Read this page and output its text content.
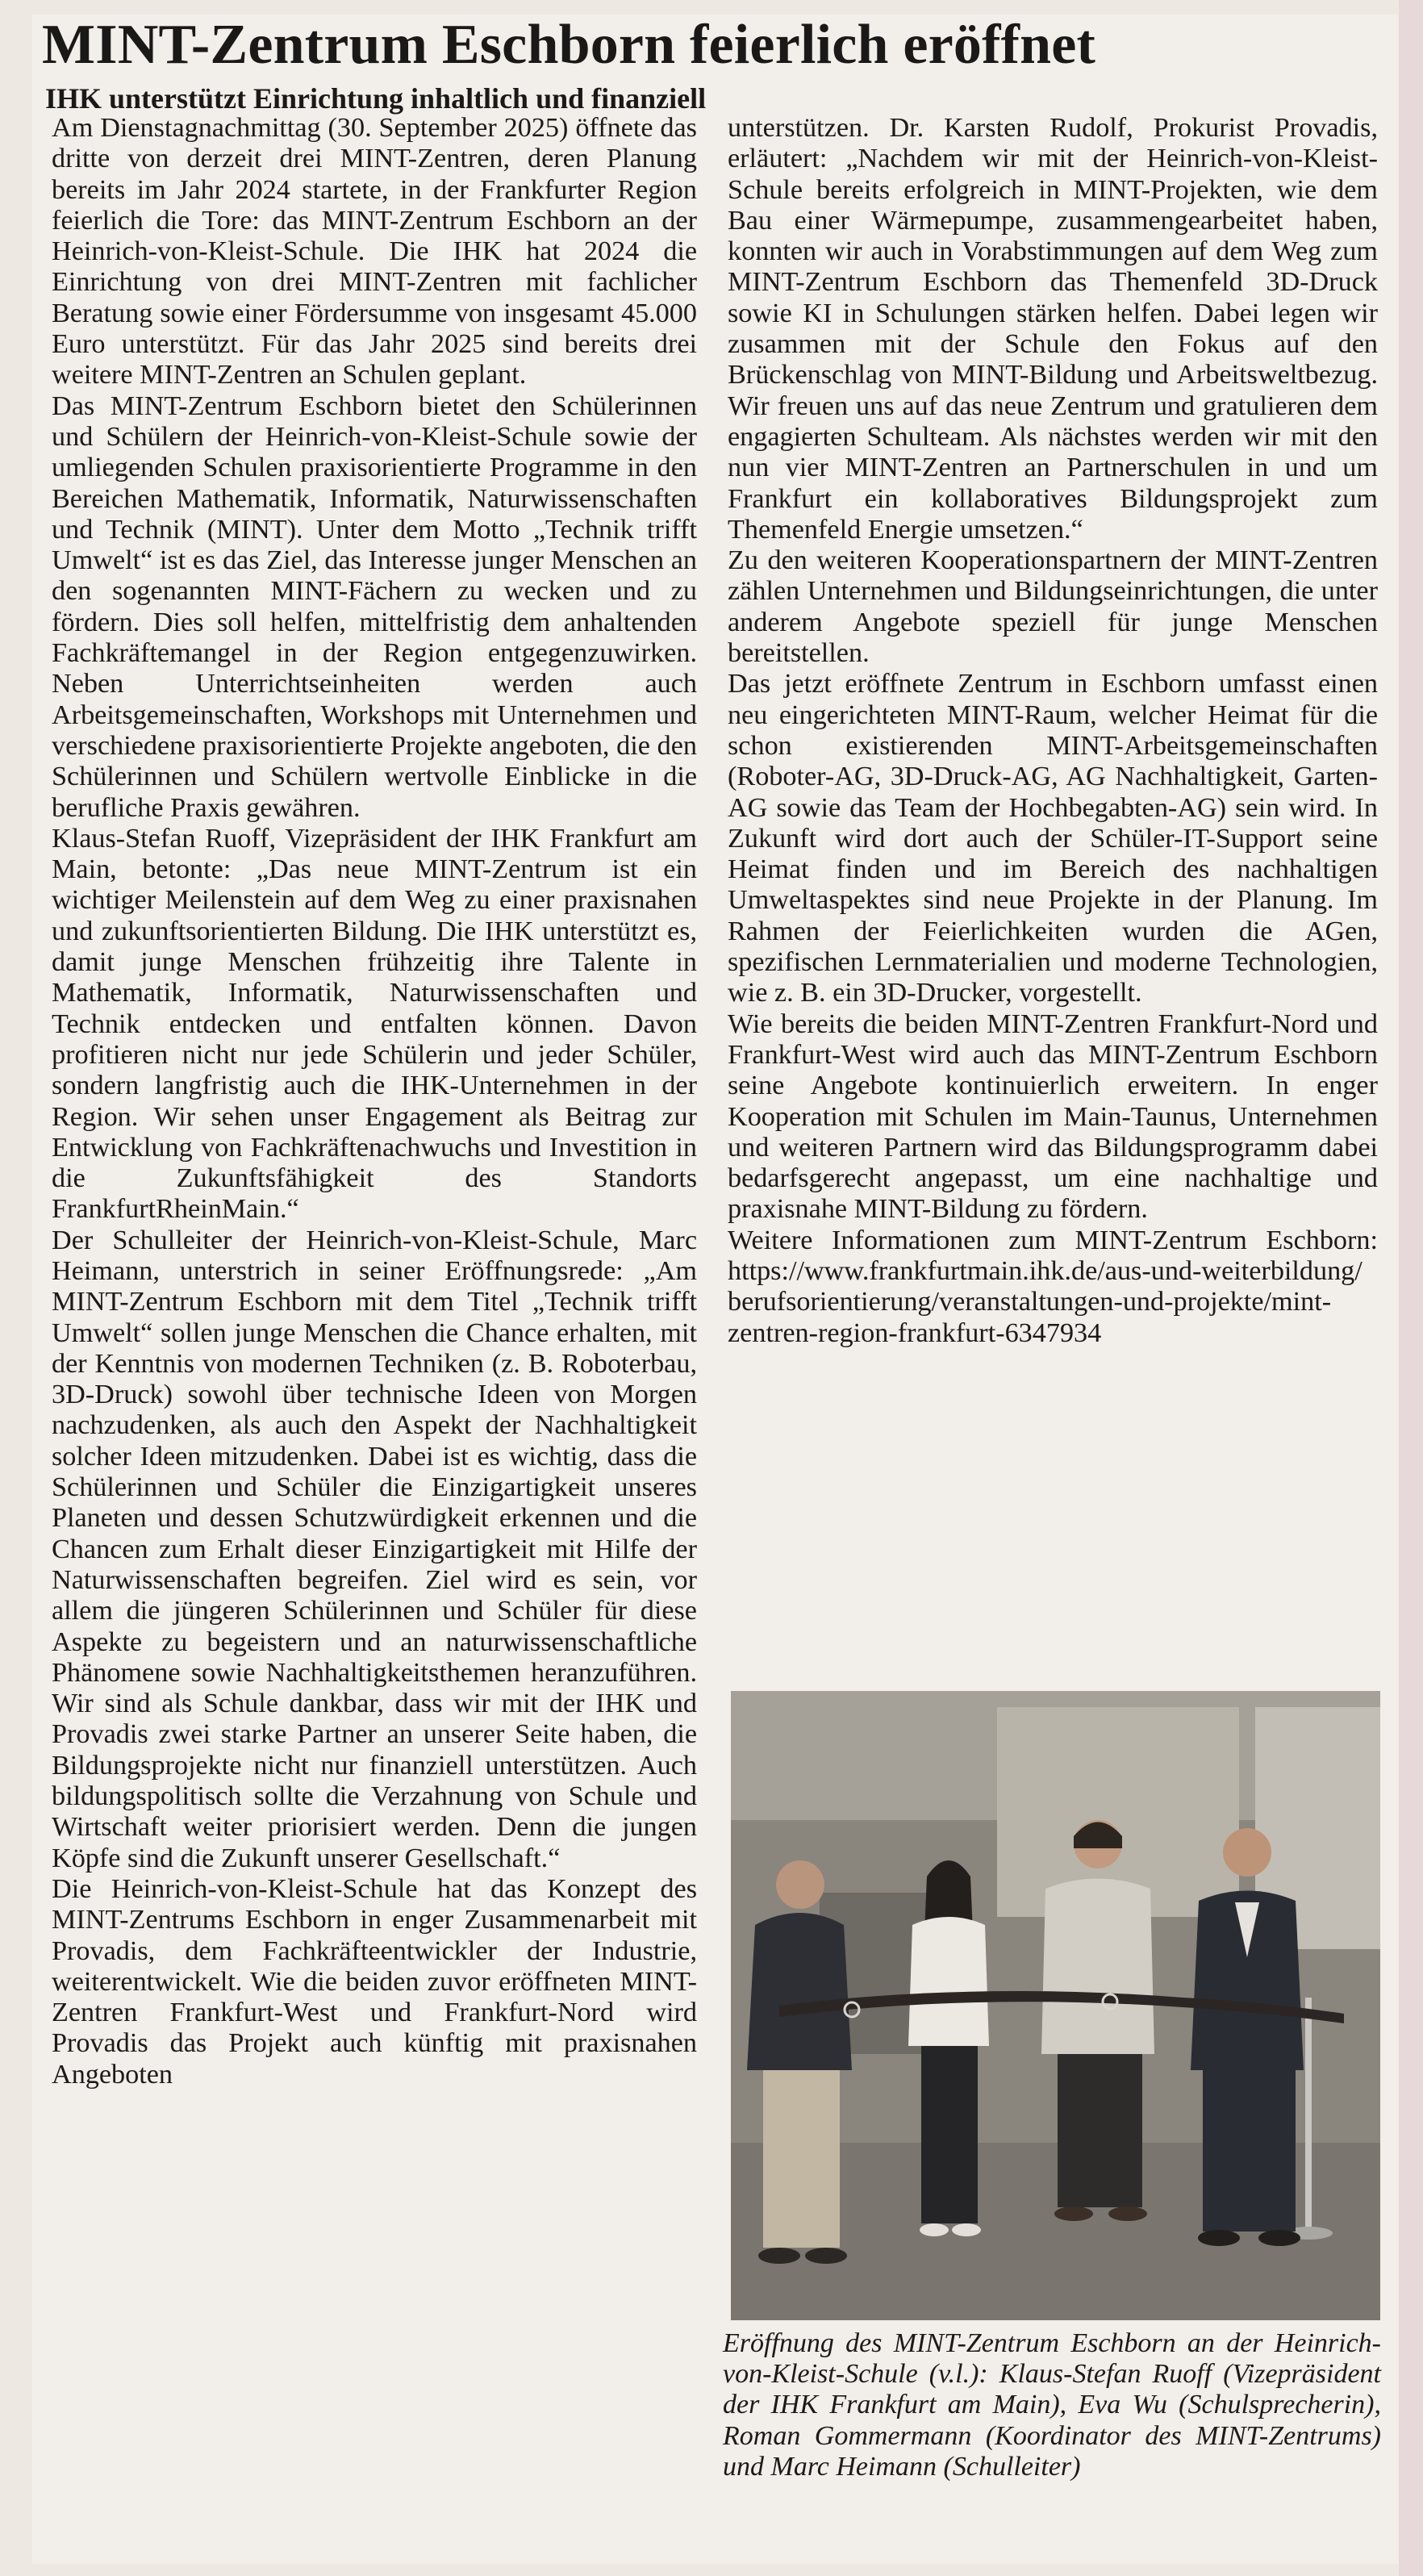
MINT-Zentrum Eschborn feierlich eröffnet
IHK unterstützt Einrichtung inhaltlich und finanziell

Am Dienstagnachmittag (30. September 2025) öffnete das dritte von derzeit drei MINT-Zentren, deren Planung bereits im Jahr 2024 startete, in der Frankfurter Region feierlich die Tore: das MINT-Zentrum Eschborn an der Heinrich-von-Kleist-Schule. Die IHK hat 2024 die Einrichtung von drei MINT-Zentren mit fachlicher Beratung sowie einer Fördersumme von insgesamt 45.000 Euro unterstützt. Für das Jahr 2025 sind bereits drei weitere MINT-Zentren an Schulen geplant.

Das MINT-Zentrum Eschborn bietet den Schülerinnen und Schülern der Heinrich-von-Kleist-Schule sowie der umliegenden Schulen praxisorientierte Programme in den Bereichen Mathematik, Informatik, Naturwissenschaften und Technik (MINT). Unter dem Motto „Technik trifft Umwelt“ ist es das Ziel, das Interesse junger Menschen an den sogenannten MINT-Fächern zu wecken und zu fördern. Dies soll helfen, mittelfristig dem anhaltenden Fachkräftemangel in der Region entgegenzuwirken. Neben Unterrichtseinheiten werden auch Arbeitsgemeinschaften, Workshops mit Unternehmen und verschiedene praxisorientierte Projekte angeboten, die den Schülerinnen und Schülern wertvolle Einblicke in die berufliche Praxis gewähren.

Klaus-Stefan Ruoff, Vizepräsident der IHK Frankfurt am Main, betonte: „Das neue MINT-Zentrum ist ein wichtiger Meilenstein auf dem Weg zu einer praxisnahen und zukunftsorientierten Bildung. Die IHK unterstützt es, damit junge Menschen frühzeitig ihre Talente in Mathematik, Informatik, Naturwissenschaften und Technik entdecken und entfalten können. Davon profitieren nicht nur jede Schülerin und jeder Schüler, sondern langfristig auch die IHK-Unternehmen in der Region. Wir sehen unser Engagement als Beitrag zur Entwicklung von Fachkräftenachwuchs und Investition in die Zukunftsfähigkeit des Standorts FrankfurtRheinMain.“

Der Schulleiter der Heinrich-von-Kleist-Schule, Marc Heimann, unterstrich in seiner Eröffnungsrede: „Am MINT-Zentrum Eschborn mit dem Titel „Technik trifft Umwelt“ sollen junge Menschen die Chance erhalten, mit der Kenntnis von modernen Techniken (z. B. Roboterbau, 3D-Druck) sowohl über technische Ideen von Morgen nachzudenken, als auch den Aspekt der Nachhaltigkeit solcher Ideen mitzudenken. Dabei ist es wichtig, dass die Schülerinnen und Schüler die Einzigartigkeit unseres Planeten und dessen Schutzwürdigkeit erkennen und die Chancen zum Erhalt dieser Einzigartigkeit mit Hilfe der Naturwissenschaften begreifen. Ziel wird es sein, vor allem die jüngeren Schülerinnen und Schüler für diese Aspekte zu begeistern und an naturwissenschaftliche Phänomene sowie Nachhaltigkeitsthemen heranzuführen. Wir sind als Schule dankbar, dass wir mit der IHK und Provadis zwei starke Partner an unserer Seite haben, die Bildungsprojekte nicht nur finanziell unterstützen. Auch bildungspolitisch sollte die Verzahnung von Schule und Wirtschaft weiter priorisiert werden. Denn die jungen Köpfe sind die Zukunft unserer Gesellschaft.“

Die Heinrich-von-Kleist-Schule hat das Konzept des MINT-Zentrums Eschborn in enger Zusammenarbeit mit Provadis, dem Fachkräfteentwickler der Industrie, weiterentwickelt. Wie die beiden zuvor eröffneten MINT-Zentren Frankfurt-West und Frankfurt-Nord wird Provadis das Projekt auch künftig mit praxisnahen Angeboten

unterstützen. Dr. Karsten Rudolf, Prokurist Provadis, erläutert: „Nachdem wir mit der Heinrich-von-Kleist-Schule bereits erfolgreich in MINT-Projekten, wie dem Bau einer Wärmepumpe, zusammengearbeitet haben, konnten wir auch in Vorabstimmungen auf dem Weg zum MINT-Zentrum Eschborn das Themenfeld 3D-Druck sowie KI in Schulungen stärken helfen. Dabei legen wir zusammen mit der Schule den Fokus auf den Brückenschlag von MINT-Bildung und Arbeitsweltbezug. Wir freuen uns auf das neue Zentrum und gratulieren dem engagierten Schulteam. Als nächstes werden wir mit den nun vier MINT-Zentren an Partnerschulen in und um Frankfurt ein kollaboratives Bildungsprojekt zum Themenfeld Energie umsetzen.“

Zu den weiteren Kooperationspartnern der MINT-Zentren zählen Unternehmen und Bildungseinrichtungen, die unter anderem Angebote speziell für junge Menschen bereitstellen.

Das jetzt eröffnete Zentrum in Eschborn umfasst einen neu eingerichteten MINT-Raum, welcher Heimat für die schon existierenden MINT-Arbeitsgemeinschaften (Roboter-AG, 3D-Druck-AG, AG Nachhaltigkeit, Garten-AG sowie das Team der Hochbegabten-AG) sein wird. In Zukunft wird dort auch der Schüler-IT-Support seine Heimat finden und im Bereich des nachhaltigen Umweltaspektes sind neue Projekte in der Planung. Im Rahmen der Feierlichkeiten wurden die AGen, spezifischen Lernmaterialien und moderne Technologien, wie z. B. ein 3D-Drucker, vorgestellt.

Wie bereits die beiden MINT-Zentren Frankfurt-Nord und Frankfurt-West wird auch das MINT-Zentrum Eschborn seine Angebote kontinuierlich erweitern. In enger Kooperation mit Schulen im Main-Taunus, Unternehmen und weiteren Partnern wird das Bildungsprogramm dabei bedarfsgerecht angepasst, um eine nachhaltige und praxisnahe MINT-Bildung zu fördern.

Weitere Informationen zum MINT-Zentrum Eschborn: https://www.frankfurtmain.ihk.de/aus-und-weiterbildung/ berufsorientierung/veranstaltungen-und-projekte/mint-zentren-region-frankfurt-6347934

Eröffnung des MINT-Zentrum Eschborn an der Heinrich-von-Kleist-Schule (v.l.): Klaus-Stefan Ruoff (Vizepräsident der IHK Frankfurt am Main), Eva Wu (Schulsprecherin), Roman Gommermann (Koordinator des MINT-Zentrums) und Marc Heimann (Schulleiter)
